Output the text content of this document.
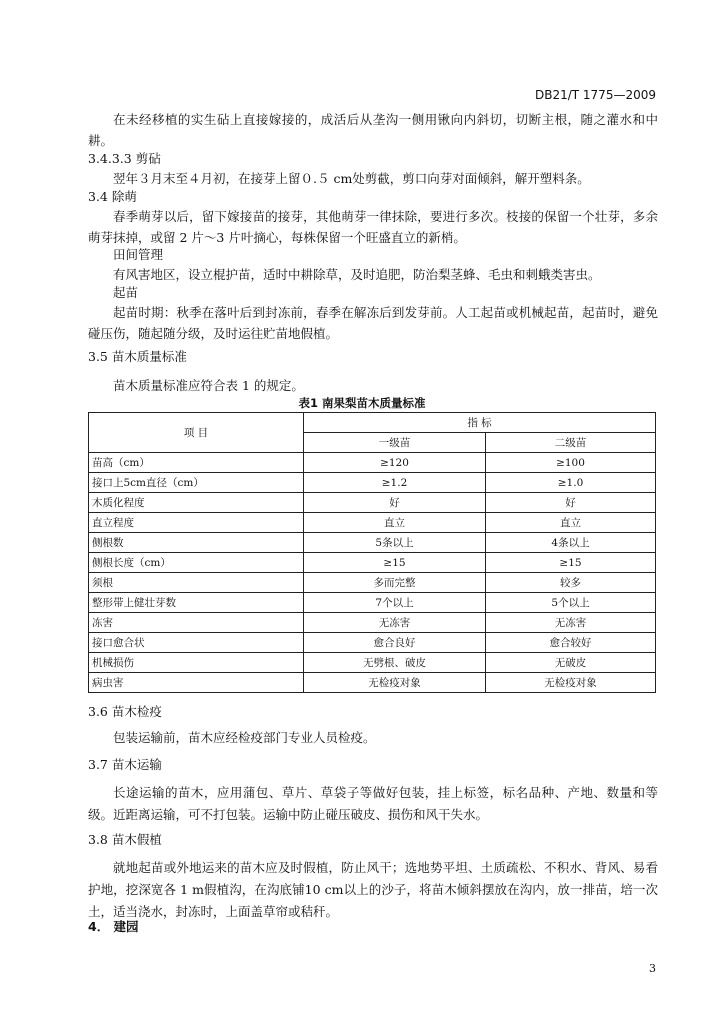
DB21/T 1775—2009
在未经移植的实生砧上直接嫁接的，成活后从垄沟一侧用锹向内斜切，切断主根，随之灌水和中耕。
3.4.3.3 剪砧
翌年３月末至４月初，在接芽上留０.５ cm处剪截，剪口向芽对面倾斜，解开塑料条。
3.4 除萌
春季萌芽以后，留下嫁接苗的接芽，其他萌芽一律抹除，要进行多次。枝接的保留一个壮芽，多余萌芽抹掉，或留 2 片～3 片叶摘心，每株保留一个旺盛直立的新梢。
田间管理
有风害地区，设立棍护苗，适时中耕除草，及时追肥，防治梨茎蜂、毛虫和刺蛾类害虫。
起苗
起苗时期：秋季在落叶后到封冻前，春季在解冻后到发芽前。人工起苗或机械起苗，起苗时，避免碰压伤，随起随分级，及时运往贮苗地假植。
3.5 苗木质量标准
苗木质量标准应符合表 1 的规定。
表1 南果梨苗木质量标准
项 目	指 标	
	一级苗	二级苗
苗高（cm）	≥120	≥100
接口上5cm直径（cm）	≥1.2	≥1.0
木质化程度	好	好
直立程度	直立	直立
侧根数	5条以上	4条以上
侧根长度（cm）	≥15	≥15
须根	多而完整	较多
整形带上健壮芽数	7个以上	5个以上
冻害	无冻害	无冻害
接口愈合状	愈合良好	愈合较好
机械损伤	无劈根、破皮	无破皮
病虫害	无检疫对象	无检疫对象
3.6 苗木检疫
包装运输前，苗木应经检疫部门专业人员检疫。
3.7 苗木运输
长途运输的苗木，应用蒲包、草片、草袋子等做好包装，挂上标签，标名品种、产地、数量和等级。近距离运输，可不打包装。运输中防止碰压破皮、损伤和风干失水。
3.8 苗木假植
就地起苗或外地运来的苗木应及时假植，防止风干；选地势平坦、土质疏松、不积水、背风、易看护地，挖深宽各 1 m假植沟，在沟底铺10 cm以上的沙子，将苗木倾斜摆放在沟内，放一排苗，培一次土，适当浇水，封冻时，上面盖草帘或秸秆。
4． 建园
3
